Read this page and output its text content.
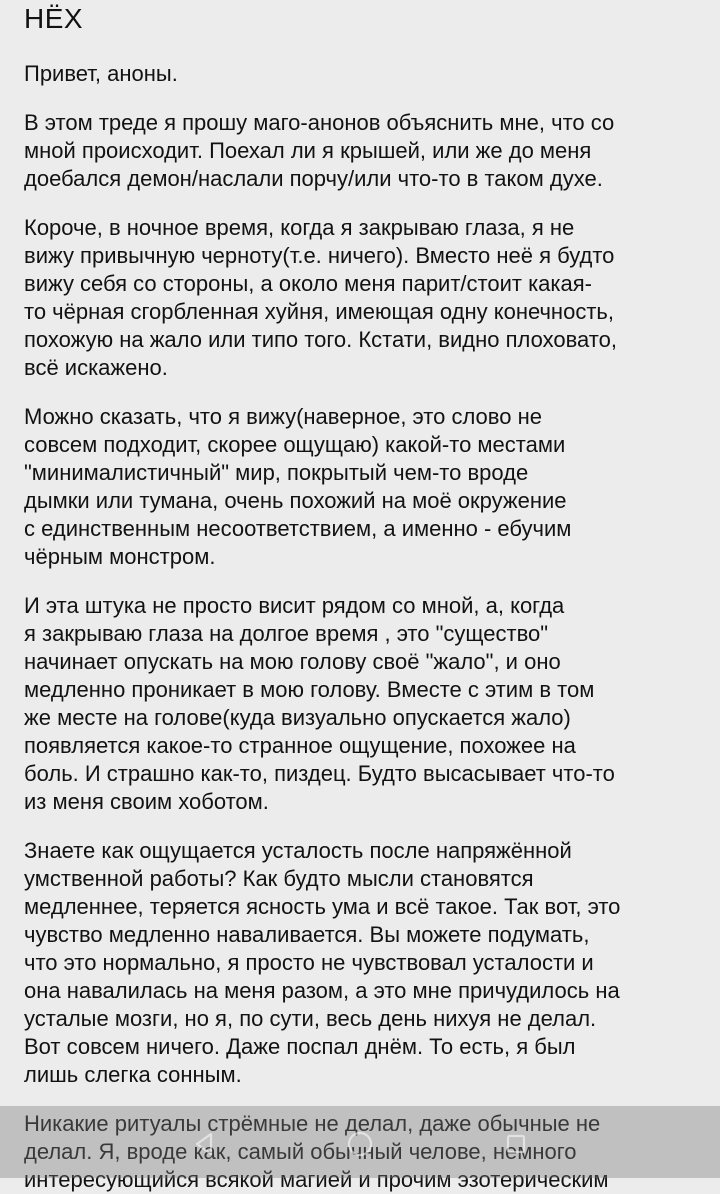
НЁХ

Привет, аноны.

В этом треде я прошу маго-анонов объяснить мне, что со
мной происходит. Поехал ли я крышей, или же до меня
доебался демон/наслали порчу/или что-то в таком духе.

Короче, в ночное время, когда я закрываю глаза, я не
вижу привычную черноту(т.е. ничего). Вместо неё я будто
вижу себя со стороны, а около меня парит/стоит какая-
то чёрная сгорбленная хуйня, имеющая одну конечность,
похожую на жало или типо того. Кстати, видно плоховато,
всё искажено.

Можно сказать, что я вижу(наверное, это слово не
совсем подходит, скорее ощущаю) какой-то местами
"минималистичный" мир, покрытый чем-то вроде
дымки или тумана, очень похожий на моё окружение
с единственным несоответствием, а именно - ебучим
чёрным монстром.

И эта штука не просто висит рядом со мной, а, когда
я закрываю глаза на долгое время , это "существо"
начинает опускать на мою голову своё "жало", и оно
медленно проникает в мою голову. Вместе с этим в том
же месте на голове(куда визуально опускается жало)
появляется какое-то странное ощущение, похожее на
боль. И страшно как-то, пиздец. Будто высасывает что-то
из меня своим хоботом.

Знаете как ощущается усталость после напряжённой
умственной работы? Как будто мысли становятся
медленнее, теряется ясность ума и всё такое. Так вот, это
чувство медленно наваливается. Вы можете подумать,
что это нормально, я просто не чувствовал усталости и
она навалилась на меня разом, а это мне причудилось на
усталые мозги, но я, по сути, весь день нихуя не делал.
Вот совсем ничего. Даже поспал днём. То есть, я был
лишь слегка сонным.

Никакие ритуалы стрёмные не делал, даже обычные не
делал. Я, вроде как, самый обычный челове, немного
интересующийся всякой магией и прочим эзотерическим
